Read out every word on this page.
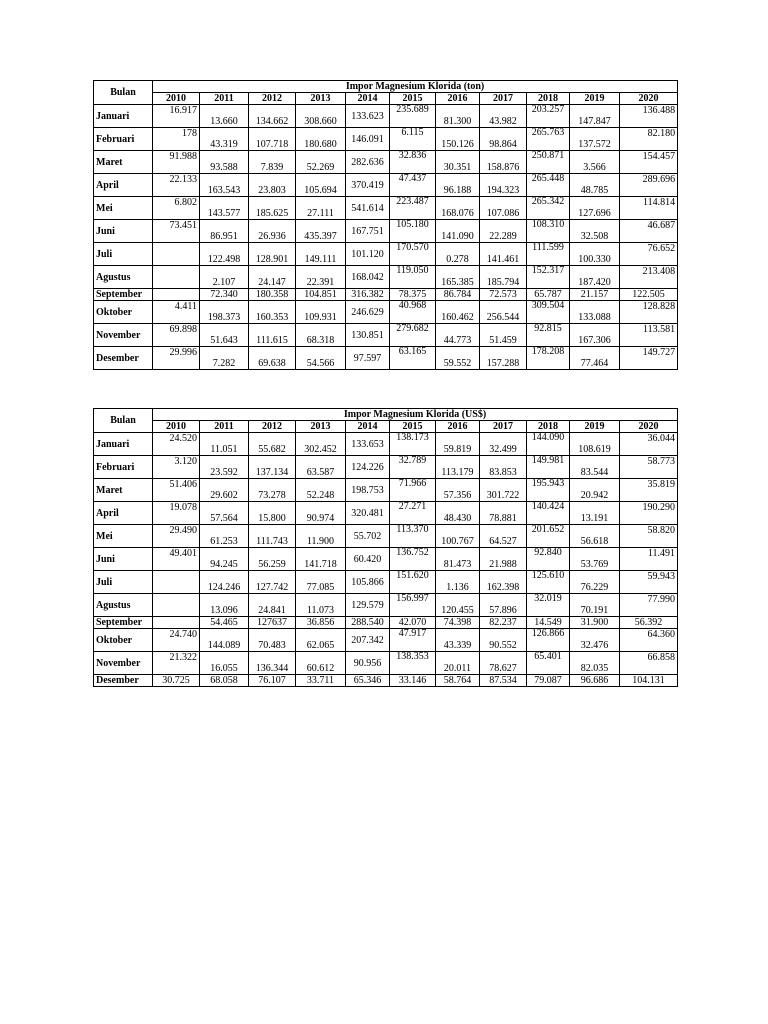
Bulan	Impor Magnesium Klorida (ton)										
	2010	2011	2012	2013	2014	2015	2016	2017	2018	2019	2020
Januari	16.917	13.660	134.662	308.660	133.623	235.689	81.300	43.982	203.257	147.847	136.488
Februari	178	43.319	107.718	180.680	146.091	6.115	150.126	98.864	265.763	137.572	82.180
Maret	91.988	93.588	7.839	52.269	282.636	32.836	30.351	158.876	250.871	3.566	154.457
April	22.133	163.543	23.803	105.694	370.419	47.437	96.188	194.323	265.448	48.785	289.696
Mei	6.802	143.577	185.625	27.111	541.614	223.487	168.076	107.086	265.342	127.696	114.814
Juni	73.451	86.951	26.936	435.397	167.751	105.180	141.090	22.289	108.310	32.508	46.687
Juli		122.498	128.901	149.111	101.120	170.570	0.278	141.461	111.599	100.330	76.652
Agustus		2.107	24.147	22.391	168.042	119.050	165.385	185.794	152.317	187.420	213.408
September		72.340	180.358	104.851	316.382	78.375	86.784	72.573	65.787	21.157	122.505
Oktober	4.411	198.373	160.353	109.931	246.629	40.968	160.462	256.544	309.504	133.088	128.828
November	69.898	51.643	111.615	68.318	130.851	279.682	44.773	51.459	92.815	167.306	113.581
Desember	29.996	7.282	69.638	54.566	97.597	63.165	59.552	157.288	178.208	77.464	149.727
Bulan	Impor Magnesium Klorida (US$)										
	2010	2011	2012	2013	2014	2015	2016	2017	2018	2019	2020
Januari	24.520	11.051	55.682	302.452	133.653	138.173	59.819	32.499	144.090	108.619	36.044
Februari	3.120	23.592	137.134	63.587	124.226	32.789	113.179	83.853	149.981	83.544	58.773
Maret	51.406	29.602	73.278	52.248	198.753	71.966	57.356	301.722	195.943	20.942	35.819
April	19.078	57.564	15.800	90.974	320.481	27.271	48.430	78.881	140.424	13.191	190.290
Mei	29.490	61.253	111.743	11.900	55.702	113.370	100.767	64.527	201.652	56.618	58.820
Juni	49.401	94.245	56.259	141.718	60.420	136.752	81.473	21.988	92.840	53.769	11.491
Juli		124.246	127.742	77.085	105.866	151.620	1.136	162.398	125.610	76.229	59.943
Agustus		13.096	24.841	11.073	129.579	156.997	120.455	57.896	32.019	70.191	77.990
September		54.465	127637	36.856	288.540	42.070	74.398	82.237	14.549	31.900	56.392
Oktober	24.740	144.089	70.483	62.065	207.342	47.917	43.339	90.552	126.866	32.476	64.360
November	21.322	16.055	136.344	60.612	90.956	138.353	20.011	78.627	65.401	82.035	66.858
Desember	30.725	68.058	76.107	33.711	65.346	33.146	58.764	87.534	79.087	96.686	104.131
